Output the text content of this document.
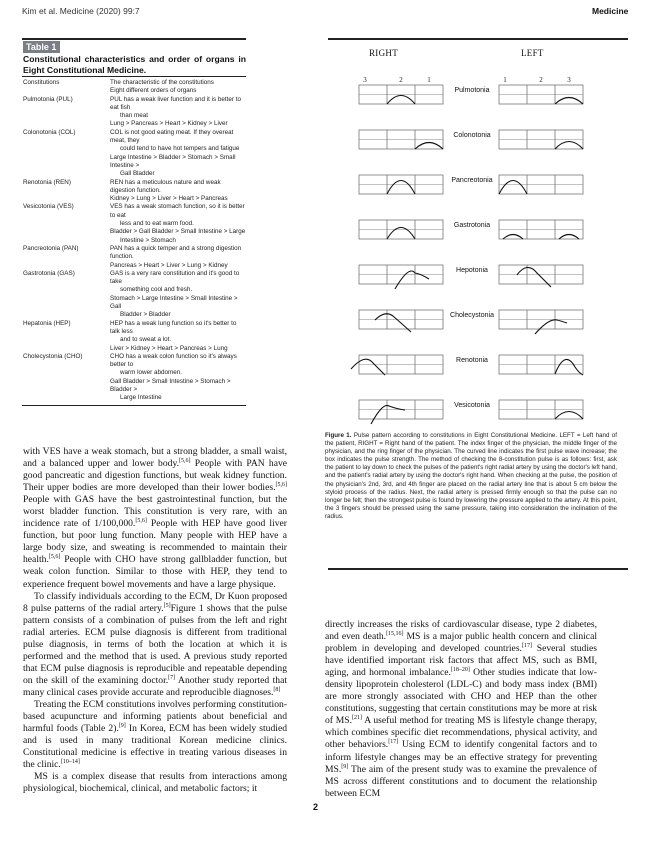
Kim et al. Medicine (2020) 99:7	Medicine
Table 1
Constitutional characteristics and order of organs in Eight Constitutional Medicine.
Constitutions	The characteristic of the constitutions
Eight different orders of organs
Pulmotonia (PUL)	PUL has a weak liver function and it is better to eat fish
than meat
Lung > Pancreas > Heart > Kidney > Liver
Colonotonia (COL)	COL is not good eating meat. If they overeat meat, they
could tend to have hot tempers and fatigue
Large Intestine > Bladder > Stomach > Small Intestine >
Gall Bladder
Renotonia (REN)	REN has a meticulous nature and weak digestion function.
Kidney > Lung > Liver > Heart > Pancreas
Vesicotonia (VES)	VES has a weak stomach function, so it is better to eat
less and to eat warm food.
Bladder > Gall Bladder > Small Intestine > Large
Intestine > Stomach
Pancreotonia (PAN)	PAN has a quick temper and a strong digestion function.
Pancreas > Heart > Liver > Lung > Kidney
Gastrotonia (GAS)	GAS is a very rare constitution and it's good to take
something cool and fresh.
Stomach > Large Intestine > Small Intestine > Gall
Bladder > Bladder
Hepatonia (HEP)	HEP has a weak lung function so it's better to talk less
and to sweat a lot.
Liver > Kidney > Heart > Pancreas > Lung
Cholecystonia (CHO)	CHO has a weak colon function so it's always better to
warm lower abdomen.
Gall Bladder > Small Intestine > Stomach > Bladder >
Large Intestine
RIGHT	LEFT
3	2	1	1	2	3
Pulmotonia
Colonotonia
Pancreotonia
Gastrotonia
Hepotonia
Cholecystonia
Renotonia
Vesicotonia
Figure 1. Pulse pattern according to constitutions in Eight Constitutional Medicine. LEFT = Left hand of the patient, RIGHT = Right hand of the patient. The index finger of the physician, the middle finger of the physician, and the ring finger of the physician. The curved line indicates the first pulse wave increase; the box indicates the pulse strength. The method of checking the 8-constitution pulse is as follows: first, ask the patient to lay down to check the pulses of the patient's right radial artery by using the doctor's left hand, and the patient's radial artery by using the doctor's right hand. When checking at the pulse, the position of the physician's 2nd, 3rd, and 4th finger are placed on the radial artery line that is about 5 cm below the styloid process of the radius. Next, the radial artery is pressed firmly enough so that the pulse can no longer be felt; then the strongest pulse is found by lowering the pressure applied to the artery. At this point, the 3 fingers should be pressed using the same pressure, taking into consideration the inclination of the radius.

with VES have a weak stomach, but a strong bladder, a small waist, and a balanced upper and lower body.[5,6] People with PAN have good pancreatic and digestion functions, but weak kidney function. Their upper bodies are more developed than their lower bodies.[5,6] People with GAS have the best gastrointestinal function, but the worst bladder function. This constitution is very rare, with an incidence rate of 1/100,000.[5,6] People with HEP have good liver function, but poor lung function. Many people with HEP have a large body size, and sweating is recommended to maintain their health.[5,6] People with CHO have strong gallbladder function, but weak colon function. Similar to those with HEP, they tend to experience frequent bowel movements and have a large physique.

To classify individuals according to the ECM, Dr Kuon proposed 8 pulse patterns of the radial artery.[5]Figure 1 shows that the pulse pattern consists of a combination of pulses from the left and right radial arteries. ECM pulse diagnosis is different from traditional pulse diagnosis, in terms of both the location at which it is performed and the method that is used. A previous study reported that ECM pulse diagnosis is reproducible and repeatable depending on the skill of the examining doctor.[7] Another study reported that many clinical cases provide accurate and reproducible diagnoses.[8]

Treating the ECM constitutions involves performing constitution-based acupuncture and informing patients about beneficial and harmful foods (Table 2).[9] In Korea, ECM has been widely studied and is used in many traditional Korean medicine clinics. Constitutional medicine is effective in treating various diseases in the clinic.[10–14]

MS is a complex disease that results from interactions among physiological, biochemical, clinical, and metabolic factors; it

directly increases the risks of cardiovascular disease, type 2 diabetes, and even death.[15,16] MS is a major public health concern and clinical problem in developing and developed countries.[17] Several studies have identified important risk factors that affect MS, such as BMI, aging, and hormonal imbalance.[18–20] Other studies indicate that low-density lipoprotein cholesterol (LDL-C) and body mass index (BMI) are more strongly associated with CHO and HEP than the other constitutions, suggesting that certain constitutions may be more at risk of MS.[21] A useful method for treating MS is lifestyle change therapy, which combines specific diet recommendations, physical activity, and other behaviors.[17] Using ECM to identify congenital factors and to inform lifestyle changes may be an effective strategy for preventing MS.[9] The aim of the present study was to examine the prevalence of MS across different constitutions and to document the relationship between ECM

2
